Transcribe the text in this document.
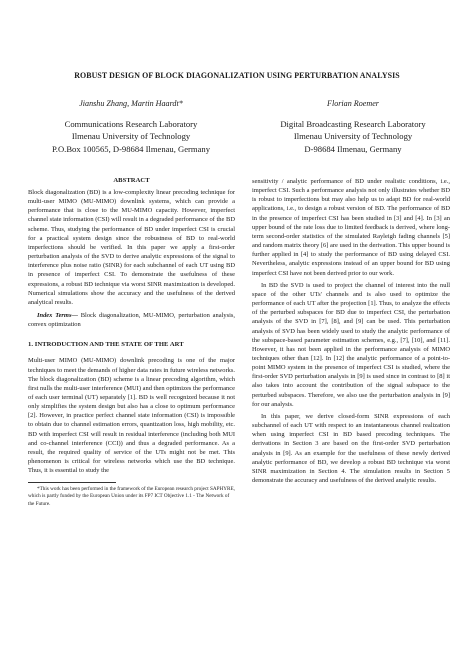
ROBUST DESIGN OF BLOCK DIAGONALIZATION USING PERTURBATION ANALYSIS
Jianshu Zhang, Martin Haardt*
Communications Research Laboratory
Ilmenau University of Technology
P.O.Box 100565, D-98684 Ilmenau, Germany
Florian Roemer
Digital Broadcasting Research Laboratory
Ilmenau University of Technology
D-98684 Ilmenau, Germany
ABSTRACT

Block diagonalization (BD) is a low-complexity linear precoding technique for multi-user MIMO (MU-MIMO) downlink systems, which can provide a performance that is close to the MU-MIMO capacity. However, imperfect channel state information (CSI) will result in a degraded performance of the BD scheme. Thus, studying the performance of BD under imperfect CSI is crucial for a practical system design since the robustness of BD to real-world imperfections should be verified. In this paper we apply a first-order perturbation analysis of the SVD to derive analytic expressions of the signal to interference plus noise ratio (SINR) for each subchannel of each UT using BD in presence of imperfect CSI. To demonstrate the usefulness of these expressions, a robust BD technique via worst SINR maximization is developed. Numerical simulations show the accuracy and the usefulness of the derived analytical results.

Index Terms— Block diagonalization, MU-MIMO, perturbation analysis, convex optimization

1. INTRODUCTION AND THE STATE OF THE ART

Multi-user MIMO (MU-MIMO) downlink precoding is one of the major techniques to meet the demands of higher data rates in future wireless networks. The block diagonalization (BD) scheme is a linear precoding algorithm, which first nulls the multi-user interference (MUI) and then optimizes the performance of each user terminal (UT) separately [1]. BD is well recognized because it not only simplifies the system design but also has a close to optimum performance [2]. However, in practice perfect channel state information (CSI) is impossible to obtain due to channel estimation errors, quantization loss, high mobility, etc. BD with imperfect CSI will result in residual interference (including both MUI and co-channel interference (CCI)) and thus a degraded performance. As a result, the required quality of service of the UTs might not be met. This phenomenon is critical for wireless networks which use the BD technique. Thus, it is essential to study the

*This work has been performed in the framework of the European research project SAPHYRE, which is partly funded by the European Union under its FP7 ICT Objective 1.1 - The Network of the Future.

sensitivity / analytic performance of BD under realistic conditions, i.e., imperfect CSI. Such a performance analysis not only illustrates whether BD is robust to imperfections but may also help us to adapt BD for real-world applications, i.e., to design a robust version of BD. The performance of BD in the presence of imperfect CSI has been studied in [3] and [4]. In [3] an upper bound of the rate loss due to limited feedback is derived, where long-term second-order statistics of the simulated Rayleigh fading channels [5] and random matrix theory [6] are used in the derivation. This upper bound is further applied in [4] to study the performance of BD using delayed CSI. Nevertheless, analytic expressions instead of an upper bound for BD using imperfect CSI have not been derived prior to our work.

In BD the SVD is used to project the channel of interest into the null space of the other UTs' channels and is also used to optimize the performance of each UT after the projection [1]. Thus, to analyze the effects of the perturbed subspaces for BD due to imperfect CSI, the perturbation analysis of the SVD in [7], [8], and [9] can be used. This perturbation analysis of SVD has been widely used to study the analytic performance of the subspace-based parameter estimation schemes, e.g., [7], [10], and [11]. However, it has not been applied in the performance analysis of MIMO techniques other than [12]. In [12] the analytic performance of a point-to-point MIMO system in the presence of imperfect CSI is studied, where the first-order SVD perturbation analysis in [9] is used since in contrast to [8] it also takes into account the contribution of the signal subspace to the perturbed subspaces. Therefore, we also use the perturbation analysis in [9] for our analysis.

In this paper, we derive closed-form SINR expressions of each subchannel of each UT with respect to an instantaneous channel realization when using imperfect CSI in BD based precoding techniques. The derivations in Section 3 are based on the first-order SVD perturbation analysis in [9]. As an example for the usefulness of these newly derived analytic performance of BD, we develop a robust BD technique via worst SINR maximization in Section 4. The simulation results in Section 5 demonstrate the accuracy and usefulness of the derived analytic results.
